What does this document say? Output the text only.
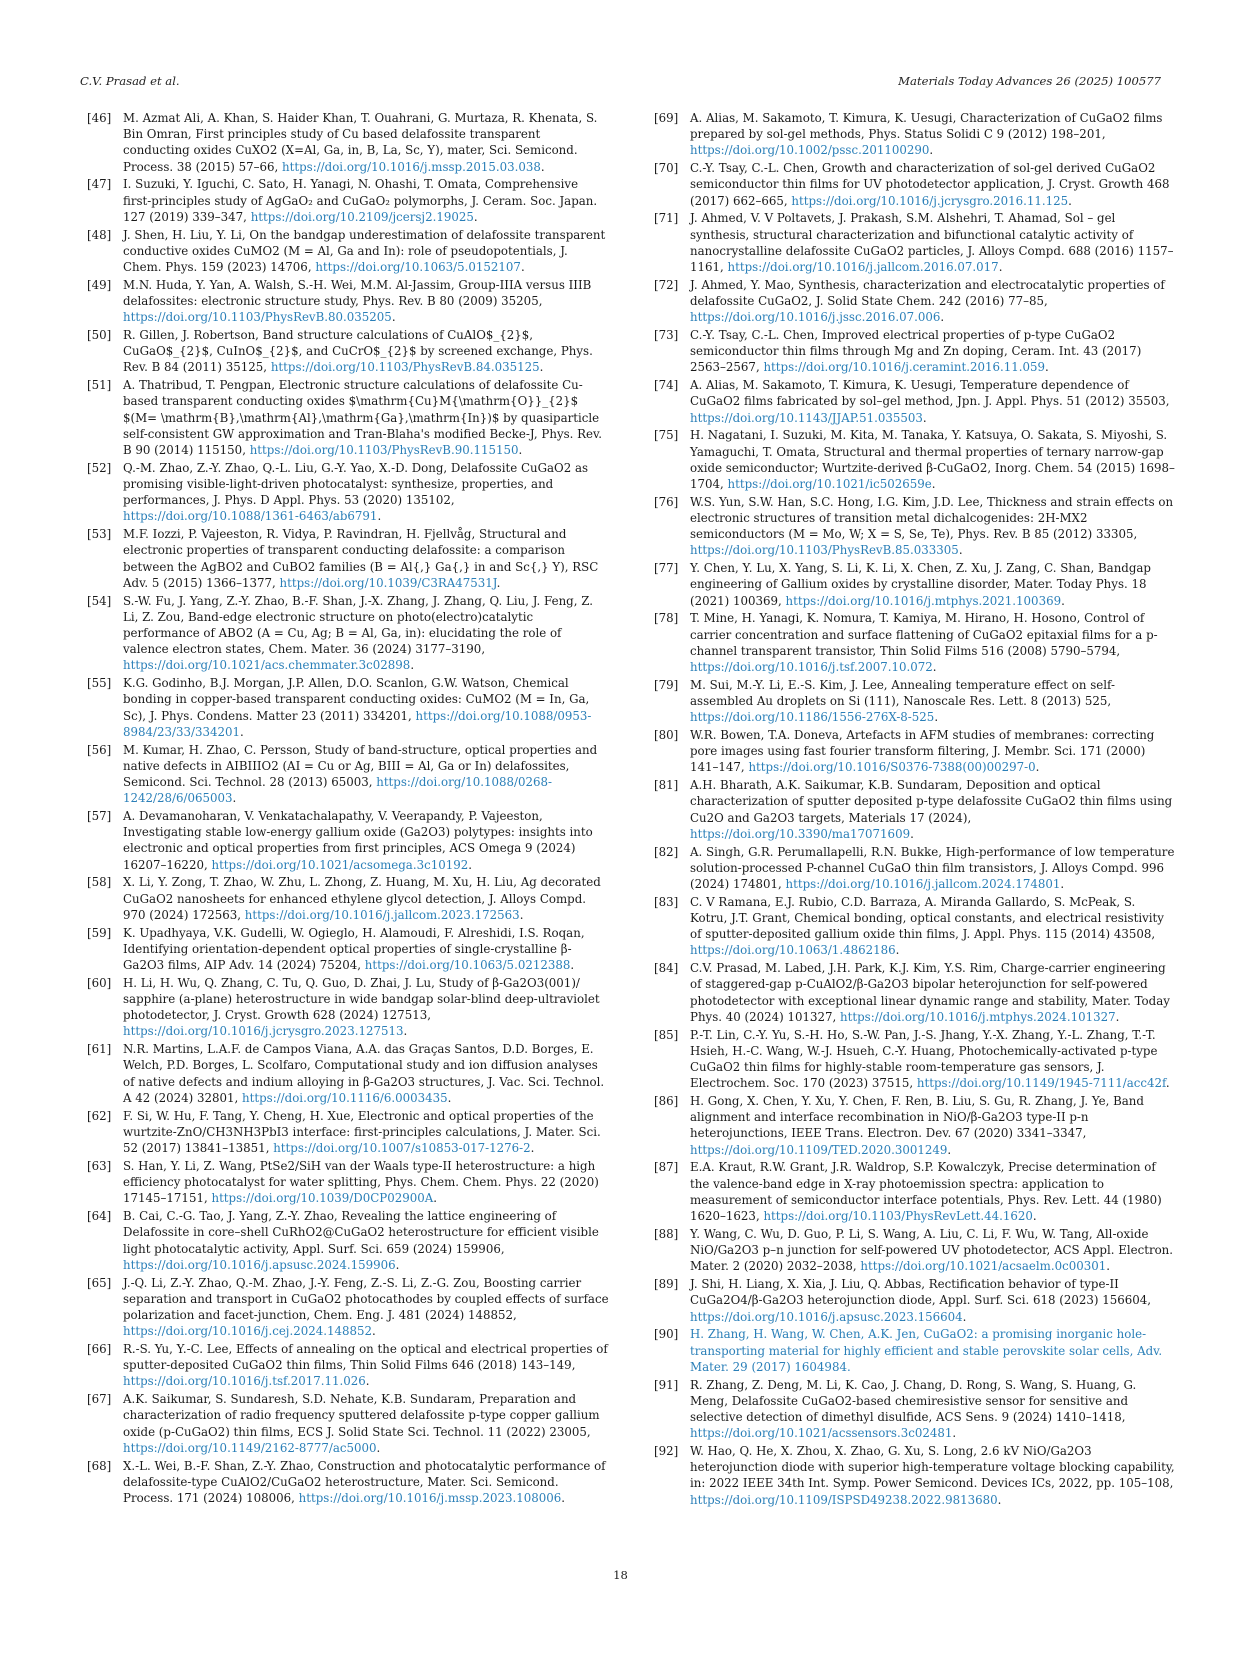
C.V. Prasad et al.	Materials Today Advances 26 (2025) 100577
[46] M. Azmat Ali, A. Khan, S. Haider Khan, T. Ouahrani, G. Murtaza, R. Khenata, S. Bin Omran, First principles study of Cu based delafossite transparent conducting oxides CuXO2 (X=Al, Ga, in, B, La, Sc, Y), mater, Sci. Semicond. Process. 38 (2015) 57–66, https://doi.org/10.1016/j.mssp.2015.03.038.
[47] I. Suzuki, Y. Iguchi, C. Sato, H. Yanagi, N. Ohashi, T. Omata, Comprehensive first-principles study of AgGaO₂ and CuGaO₂ polymorphs, J. Ceram. Soc. Japan. 127 (2019) 339–347, https://doi.org/10.2109/jcersj2.19025.
[48] J. Shen, H. Liu, Y. Li, On the bandgap underestimation of delafossite transparent conductive oxides CuMO2 (M = Al, Ga and In): role of pseudopotentials, J. Chem. Phys. 159 (2023) 14706, https://doi.org/10.1063/5.0152107.
[49] M.N. Huda, Y. Yan, A. Walsh, S.-H. Wei, M.M. Al-Jassim, Group-IIIA versus IIIB delafossites: electronic structure study, Phys. Rev. B 80 (2009) 35205, https://doi.org/10.1103/PhysRevB.80.035205.
[50] R. Gillen, J. Robertson, Band structure calculations of CuAlO$_{2}$, CuGaO$_{2}$, CuInO$_{2}$, and CuCrO$_{2}$ by screened exchange, Phys. Rev. B 84 (2011) 35125, https://doi.org/10.1103/PhysRevB.84.035125.
[51] A. Thatribud, T. Pengpan, Electronic structure calculations of delafossite Cu-based transparent conducting oxides $\mathrm{Cu}M{\mathrm{O}}_{2}$ $(M= \mathrm{B},\mathrm{Al},\mathrm{Ga},\mathrm{In})$ by quasiparticle self-consistent GW approximation and Tran-Blaha's modified Becke-J, Phys. Rev. B 90 (2014) 115150, https://doi.org/10.1103/PhysRevB.90.115150.
[52] Q.-M. Zhao, Z.-Y. Zhao, Q.-L. Liu, G.-Y. Yao, X.-D. Dong, Delafossite CuGaO2 as promising visible-light-driven photocatalyst: synthesize, properties, and performances, J. Phys. D Appl. Phys. 53 (2020) 135102, https://doi.org/10.1088/1361-6463/ab6791.
[53] M.F. Iozzi, P. Vajeeston, R. Vidya, P. Ravindran, H. Fjellvåg, Structural and electronic properties of transparent conducting delafossite: a comparison between the AgBO2 and CuBO2 families (B = Al{,} Ga{,} in and Sc{,} Y), RSC Adv. 5 (2015) 1366–1377, https://doi.org/10.1039/C3RA47531J.
[54] S.-W. Fu, J. Yang, Z.-Y. Zhao, B.-F. Shan, J.-X. Zhang, J. Zhang, Q. Liu, J. Feng, Z. Li, Z. Zou, Band-edge electronic structure on photo(electro)catalytic performance of ABO2 (A = Cu, Ag; B = Al, Ga, in): elucidating the role of valence electron states, Chem. Mater. 36 (2024) 3177–3190, https://doi.org/10.1021/acs.chemmater.3c02898.
[55] K.G. Godinho, B.J. Morgan, J.P. Allen, D.O. Scanlon, G.W. Watson, Chemical bonding in copper-based transparent conducting oxides: CuMO2 (M = In, Ga, Sc), J. Phys. Condens. Matter 23 (2011) 334201, https://doi.org/10.1088/0953-8984/23/33/334201.
[56] M. Kumar, H. Zhao, C. Persson, Study of band-structure, optical properties and native defects in AIBIIIO2 (AI = Cu or Ag, BIII = Al, Ga or In) delafossites, Semicond. Sci. Technol. 28 (2013) 65003, https://doi.org/10.1088/0268-1242/28/6/065003.
[57] A. Devamanoharan, V. Venkatachalapathy, V. Veerapandy, P. Vajeeston, Investigating stable low-energy gallium oxide (Ga2O3) polytypes: insights into electronic and optical properties from first principles, ACS Omega 9 (2024) 16207–16220, https://doi.org/10.1021/acsomega.3c10192.
[58] X. Li, Y. Zong, T. Zhao, W. Zhu, L. Zhong, Z. Huang, M. Xu, H. Liu, Ag decorated CuGaO2 nanosheets for enhanced ethylene glycol detection, J. Alloys Compd. 970 (2024) 172563, https://doi.org/10.1016/j.jallcom.2023.172563.
[59] K. Upadhyaya, V.K. Gudelli, W. Ogieglo, H. Alamoudi, F. Alreshidi, I.S. Roqan, Identifying orientation-dependent optical properties of single-crystalline β-Ga2O3 films, AIP Adv. 14 (2024) 75204, https://doi.org/10.1063/5.0212388.
[60] H. Li, H. Wu, Q. Zhang, C. Tu, Q. Guo, D. Zhai, J. Lu, Study of β-Ga2O3(001)/ sapphire (a-plane) heterostructure in wide bandgap solar-blind deep-ultraviolet photodetector, J. Cryst. Growth 628 (2024) 127513, https://doi.org/10.1016/j.jcrysgro.2023.127513.
[61] N.R. Martins, L.A.F. de Campos Viana, A.A. das Graças Santos, D.D. Borges, E. Welch, P.D. Borges, L. Scolfaro, Computational study and ion diffusion analyses of native defects and indium alloying in β-Ga2O3 structures, J. Vac. Sci. Technol. A 42 (2024) 32801, https://doi.org/10.1116/6.0003435.
[62] F. Si, W. Hu, F. Tang, Y. Cheng, H. Xue, Electronic and optical properties of the wurtzite-ZnO/CH3NH3PbI3 interface: first-principles calculations, J. Mater. Sci. 52 (2017) 13841–13851, https://doi.org/10.1007/s10853-017-1276-2.
[63] S. Han, Y. Li, Z. Wang, PtSe2/SiH van der Waals type-II heterostructure: a high efficiency photocatalyst for water splitting, Phys. Chem. Chem. Phys. 22 (2020) 17145–17151, https://doi.org/10.1039/D0CP02900A.
[64] B. Cai, C.-G. Tao, J. Yang, Z.-Y. Zhao, Revealing the lattice engineering of Delafossite in core–shell CuRhO2@CuGaO2 heterostructure for efficient visible light photocatalytic activity, Appl. Surf. Sci. 659 (2024) 159906, https://doi.org/10.1016/j.apsusc.2024.159906.
[65] J.-Q. Li, Z.-Y. Zhao, Q.-M. Zhao, J.-Y. Feng, Z.-S. Li, Z.-G. Zou, Boosting carrier separation and transport in CuGaO2 photocathodes by coupled effects of surface polarization and facet-junction, Chem. Eng. J. 481 (2024) 148852, https://doi.org/10.1016/j.cej.2024.148852.
[66] R.-S. Yu, Y.-C. Lee, Effects of annealing on the optical and electrical properties of sputter-deposited CuGaO2 thin films, Thin Solid Films 646 (2018) 143–149, https://doi.org/10.1016/j.tsf.2017.11.026.
[67] A.K. Saikumar, S. Sundaresh, S.D. Nehate, K.B. Sundaram, Preparation and characterization of radio frequency sputtered delafossite p-type copper gallium oxide (p-CuGaO2) thin films, ECS J. Solid State Sci. Technol. 11 (2022) 23005, https://doi.org/10.1149/2162-8777/ac5000.
[68] X.-L. Wei, B.-F. Shan, Z.-Y. Zhao, Construction and photocatalytic performance of delafossite-type CuAlO2/CuGaO2 heterostructure, Mater. Sci. Semicond. Process. 171 (2024) 108006, https://doi.org/10.1016/j.mssp.2023.108006.
[69] A. Alias, M. Sakamoto, T. Kimura, K. Uesugi, Characterization of CuGaO2 films prepared by sol-gel methods, Phys. Status Solidi C 9 (2012) 198–201, https://doi.org/10.1002/pssc.201100290.
[70] C.-Y. Tsay, C.-L. Chen, Growth and characterization of sol-gel derived CuGaO2 semiconductor thin films for UV photodetector application, J. Cryst. Growth 468 (2017) 662–665, https://doi.org/10.1016/j.jcrysgro.2016.11.125.
[71] J. Ahmed, V. V Poltavets, J. Prakash, S.M. Alshehri, T. Ahamad, Sol – gel synthesis, structural characterization and bifunctional catalytic activity of nanocrystalline delafossite CuGaO2 particles, J. Alloys Compd. 688 (2016) 1157–1161, https://doi.org/10.1016/j.jallcom.2016.07.017.
[72] J. Ahmed, Y. Mao, Synthesis, characterization and electrocatalytic properties of delafossite CuGaO2, J. Solid State Chem. 242 (2016) 77–85, https://doi.org/10.1016/j.jssc.2016.07.006.
[73] C.-Y. Tsay, C.-L. Chen, Improved electrical properties of p-type CuGaO2 semiconductor thin films through Mg and Zn doping, Ceram. Int. 43 (2017) 2563–2567, https://doi.org/10.1016/j.ceramint.2016.11.059.
[74] A. Alias, M. Sakamoto, T. Kimura, K. Uesugi, Temperature dependence of CuGaO2 films fabricated by sol–gel method, Jpn. J. Appl. Phys. 51 (2012) 35503, https://doi.org/10.1143/JJAP.51.035503.
[75] H. Nagatani, I. Suzuki, M. Kita, M. Tanaka, Y. Katsuya, O. Sakata, S. Miyoshi, S. Yamaguchi, T. Omata, Structural and thermal properties of ternary narrow-gap oxide semiconductor; Wurtzite-derived β-CuGaO2, Inorg. Chem. 54 (2015) 1698–1704, https://doi.org/10.1021/ic502659e.
[76] W.S. Yun, S.W. Han, S.C. Hong, I.G. Kim, J.D. Lee, Thickness and strain effects on electronic structures of transition metal dichalcogenides: 2H-MX2 semiconductors (M = Mo, W; X = S, Se, Te), Phys. Rev. B 85 (2012) 33305, https://doi.org/10.1103/PhysRevB.85.033305.
[77] Y. Chen, Y. Lu, X. Yang, S. Li, K. Li, X. Chen, Z. Xu, J. Zang, C. Shan, Bandgap engineering of Gallium oxides by crystalline disorder, Mater. Today Phys. 18 (2021) 100369, https://doi.org/10.1016/j.mtphys.2021.100369.
[78] T. Mine, H. Yanagi, K. Nomura, T. Kamiya, M. Hirano, H. Hosono, Control of carrier concentration and surface flattening of CuGaO2 epitaxial films for a p-channel transparent transistor, Thin Solid Films 516 (2008) 5790–5794, https://doi.org/10.1016/j.tsf.2007.10.072.
[79] M. Sui, M.-Y. Li, E.-S. Kim, J. Lee, Annealing temperature effect on self-assembled Au droplets on Si (111), Nanoscale Res. Lett. 8 (2013) 525, https://doi.org/10.1186/1556-276X-8-525.
[80] W.R. Bowen, T.A. Doneva, Artefacts in AFM studies of membranes: correcting pore images using fast fourier transform filtering, J. Membr. Sci. 171 (2000) 141–147, https://doi.org/10.1016/S0376-7388(00)00297-0.
[81] A.H. Bharath, A.K. Saikumar, K.B. Sundaram, Deposition and optical characterization of sputter deposited p-type delafossite CuGaO2 thin films using Cu2O and Ga2O3 targets, Materials 17 (2024), https://doi.org/10.3390/ma17071609.
[82] A. Singh, G.R. Perumallapelli, R.N. Bukke, High-performance of low temperature solution-processed P-channel CuGaO thin film transistors, J. Alloys Compd. 996 (2024) 174801, https://doi.org/10.1016/j.jallcom.2024.174801.
[83] C. V Ramana, E.J. Rubio, C.D. Barraza, A. Miranda Gallardo, S. McPeak, S. Kotru, J.T. Grant, Chemical bonding, optical constants, and electrical resistivity of sputter-deposited gallium oxide thin films, J. Appl. Phys. 115 (2014) 43508, https://doi.org/10.1063/1.4862186.
[84] C.V. Prasad, M. Labed, J.H. Park, K.J. Kim, Y.S. Rim, Charge-carrier engineering of staggered-gap p-CuAlO2/β-Ga2O3 bipolar heterojunction for self-powered photodetector with exceptional linear dynamic range and stability, Mater. Today Phys. 40 (2024) 101327, https://doi.org/10.1016/j.mtphys.2024.101327.
[85] P.-T. Lin, C.-Y. Yu, S.-H. Ho, S.-W. Pan, J.-S. Jhang, Y.-X. Zhang, Y.-L. Zhang, T.-T. Hsieh, H.-C. Wang, W.-J. Hsueh, C.-Y. Huang, Photochemically-activated p-type CuGaO2 thin films for highly-stable room-temperature gas sensors, J. Electrochem. Soc. 170 (2023) 37515, https://doi.org/10.1149/1945-7111/acc42f.
[86] H. Gong, X. Chen, Y. Xu, Y. Chen, F. Ren, B. Liu, S. Gu, R. Zhang, J. Ye, Band alignment and interface recombination in NiO/β-Ga2O3 type-II p-n heterojunctions, IEEE Trans. Electron. Dev. 67 (2020) 3341–3347, https://doi.org/10.1109/TED.2020.3001249.
[87] E.A. Kraut, R.W. Grant, J.R. Waldrop, S.P. Kowalczyk, Precise determination of the valence-band edge in X-ray photoemission spectra: application to measurement of semiconductor interface potentials, Phys. Rev. Lett. 44 (1980) 1620–1623, https://doi.org/10.1103/PhysRevLett.44.1620.
[88] Y. Wang, C. Wu, D. Guo, P. Li, S. Wang, A. Liu, C. Li, F. Wu, W. Tang, All-oxide NiO/Ga2O3 p–n junction for self-powered UV photodetector, ACS Appl. Electron. Mater. 2 (2020) 2032–2038, https://doi.org/10.1021/acsaelm.0c00301.
[89] J. Shi, H. Liang, X. Xia, J. Liu, Q. Abbas, Rectification behavior of type-II CuGa2O4/β-Ga2O3 heterojunction diode, Appl. Surf. Sci. 618 (2023) 156604, https://doi.org/10.1016/j.apsusc.2023.156604.
[90] H. Zhang, H. Wang, W. Chen, A.K. Jen, CuGaO2: a promising inorganic hole-transporting material for highly efficient and stable perovskite solar cells, Adv. Mater. 29 (2017) 1604984.
[91] R. Zhang, Z. Deng, M. Li, K. Cao, J. Chang, D. Rong, S. Wang, S. Huang, G. Meng, Delafossite CuGaO2-based chemiresistive sensor for sensitive and selective detection of dimethyl disulfide, ACS Sens. 9 (2024) 1410–1418, https://doi.org/10.1021/acssensors.3c02481.
[92] W. Hao, Q. He, X. Zhou, X. Zhao, G. Xu, S. Long, 2.6 kV NiO/Ga2O3 heterojunction diode with superior high-temperature voltage blocking capability, in: 2022 IEEE 34th Int. Symp. Power Semicond. Devices ICs, 2022, pp. 105–108, https://doi.org/10.1109/ISPSD49238.2022.9813680.
18
